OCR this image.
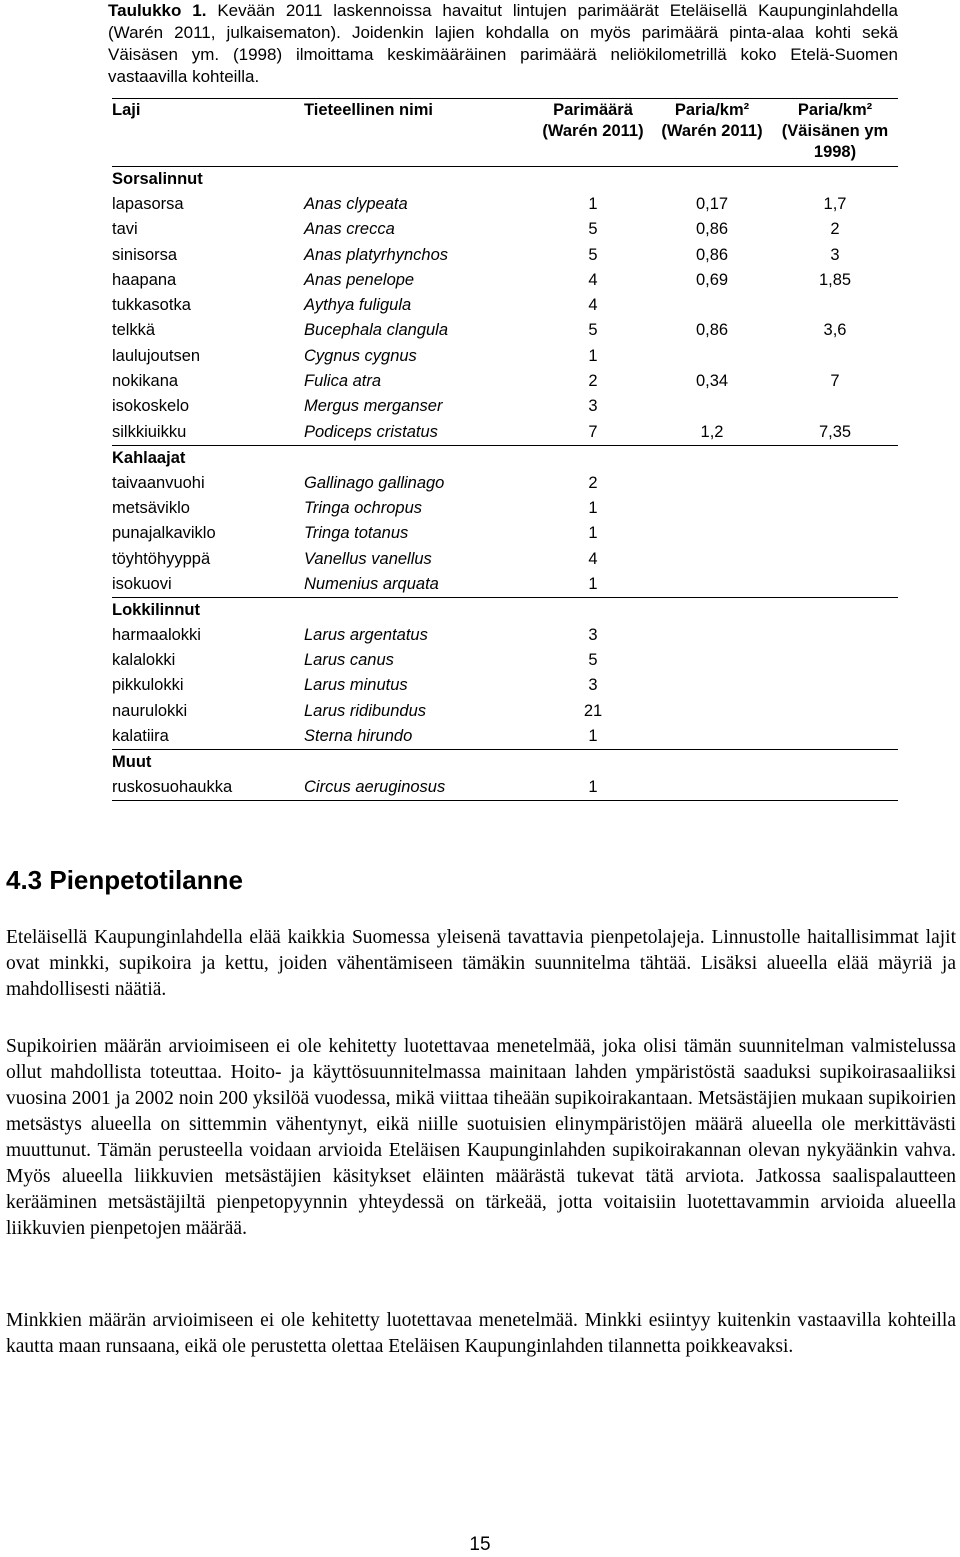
Taulukko 1. Kevään 2011 laskennoissa havaitut lintujen parimäärät Eteläisellä Kaupunginlahdella (Warén 2011, julkaisematon). Joidenkin lajien kohdalla on myös parimäärä pinta-alaa kohti sekä Väisäsen ym. (1998) ilmoittama keskimääräinen parimäärä neliökilometrillä koko Etelä-Suomen vastaavilla kohteilla.
Laji	Tieteellinen nimi	Parimäärä (Warén 2011)	Paria/km² (Warén 2011)	Paria/km² (Väisänen ym 1998)
Sorsalinnut				
lapasorsa	Anas clypeata	1	0,17	1,7
tavi	Anas crecca	5	0,86	2
sinisorsa	Anas platyrhynchos	5	0,86	3
haapana	Anas penelope	4	0,69	1,85
tukkasotka	Aythya fuligula	4		
telkkä	Bucephala clangula	5	0,86	3,6
laulujoutsen	Cygnus cygnus	1		
nokikana	Fulica atra	2	0,34	7
isokoskelo	Mergus merganser	3		
silkkiuikku	Podiceps cristatus	7	1,2	7,35
Kahlaajat				
taivaanvuohi	Gallinago gallinago	2		
metsäviklo	Tringa ochropus	1		
punajalkaviklo	Tringa totanus	1		
töyhtöhyyppä	Vanellus vanellus	4		
isokuovi	Numenius arquata	1		
Lokkilinnut				
harmaalokki	Larus argentatus	3		
kalalokki	Larus canus	5		
pikkulokki	Larus minutus	3		
naurulokki	Larus ridibundus	21		
kalatiira	Sterna hirundo	1		
Muut				
ruskosuohaukka	Circus aeruginosus	1		
4.3 Pienpetotilanne

Eteläisellä Kaupunginlahdella elää kaikkia Suomessa yleisenä tavattavia pienpetolajeja. Linnustolle haitallisimmat lajit ovat minkki, supikoira ja kettu, joiden vähentämiseen tämäkin suunnitelma tähtää. Lisäksi alueella elää mäyriä ja mahdollisesti näätiä.

Supikoirien määrän arvioimiseen ei ole kehitetty luotettavaa menetelmää, joka olisi tämän suunnitelman valmistelussa ollut mahdollista toteuttaa. Hoito- ja käyttösuunnitelmassa mainitaan lahden ympäristöstä saaduksi supikoirasaaliiksi vuosina 2001 ja 2002 noin 200 yksilöä vuodessa, mikä viittaa tiheään supikoirakantaan. Metsästäjien mukaan supikoirien metsästys alueella on sittemmin vähentynyt, eikä niille suotuisien elinympäristöjen määrä alueella ole merkittävästi muuttunut. Tämän perusteella voidaan arvioida Eteläisen Kaupunginlahden supikoirakannan olevan nykyäänkin vahva. Myös alueella liikkuvien metsästäjien käsitykset eläinten määrästä tukevat tätä arviota. Jatkossa saalispalautteen kerääminen metsästäjiltä pienpetopyynnin yhteydessä on tärkeää, jotta voitaisiin luotettavammin arvioida alueella liikkuvien pienpetojen määrää.

Minkkien määrän arvioimiseen ei ole kehitetty luotettavaa menetelmää. Minkki esiintyy kuitenkin vastaavilla kohteilla kautta maan runsaana, eikä ole perustetta olettaa Eteläisen Kaupunginlahden tilannetta poikkeavaksi.

15
